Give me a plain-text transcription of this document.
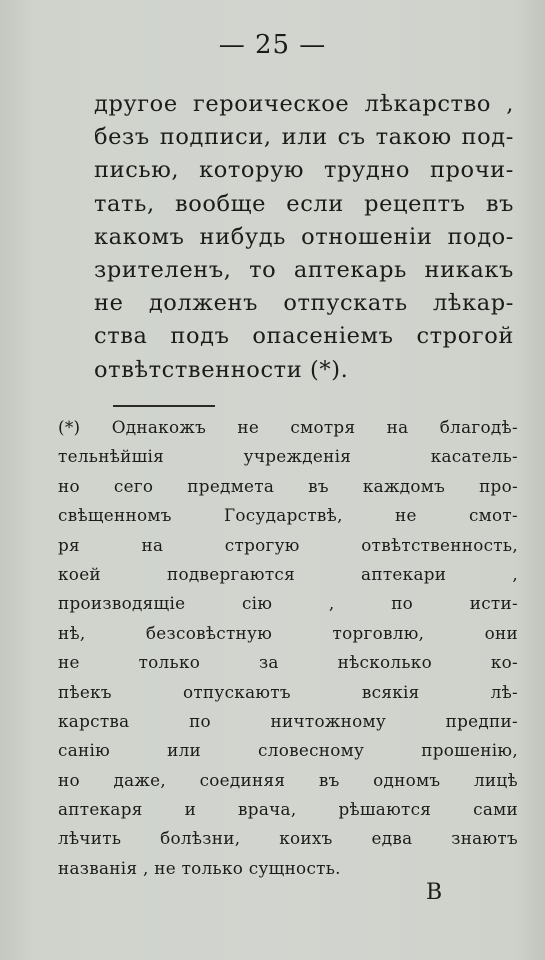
— 25 —
другое героическое лѣкарство ,
безъ подписи, или съ такою под-
писью, которую трудно прочи-
тать, вообще если рецептъ въ
какомъ нибудь отношеніи подо-
зрителенъ, то аптекарь никакъ
не долженъ отпускать лѣкар-
ства подъ опасеніемъ строгой
отвѣтственности (*).
(*) Однакожъ не смотря на благодѣ-
тельнѣйшія	учрежденія	касатель-
но сего предмета въ каждомъ про-
свѣщенномъ	Государствѣ,	не	смот-
ря	на	строгую	отвѣтственность,
коей	подвергаются	аптекари	,
производящіе	сію	,	по	исти-
нѣ,	безсовѣстную	торговлю,	они
не	только	за	нѣсколько	ко-
пѣекъ	отпускаютъ	всякія	лѣ-
карства	по	ничтожному	предпи-
санію	или	словесному	прошенію,
но даже, соединяя въ одномъ лицѣ
аптекаря и врача, рѣшаются сами
лѣчить болѣзни, коихъ едва знаютъ
названія , не только сущность.
В
